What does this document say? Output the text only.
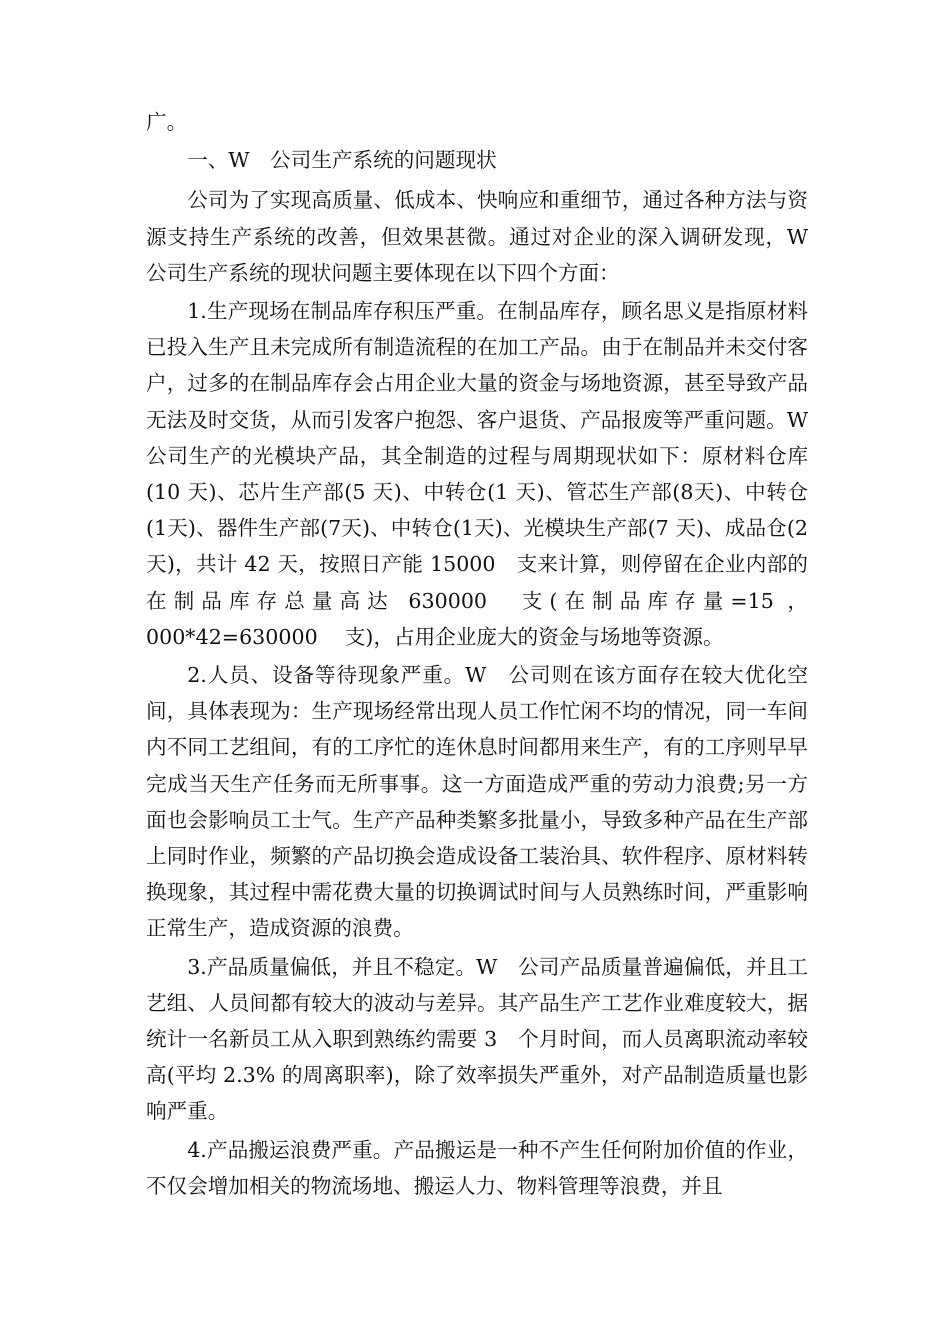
广。

一、W　公司生产系统的问题现状

公司为了实现高质量、低成本、快响应和重细节，通过各种方法与资源支持生产系统的改善，但效果甚微。通过对企业的深入调研发现，W　公司生产系统的现状问题主要体现在以下四个方面：

1.生产现场在制品库存积压严重。在制品库存，顾名思义是指原材料已投入生产且未完成所有制造流程的在加工产品。由于在制品并未交付客户，过多的在制品库存会占用企业大量的资金与场地资源，甚至导致产品无法及时交货，从而引发客户抱怨、客户退货、产品报废等严重问题。W　公司生产的光模块产品，其全制造的过程与周期现状如下：原材料仓库(10 天)、芯片生产部(5 天)、中转仓(1 天)、管芯生产部(8天)、中转仓(1天)、器件生产部(7天)、中转仓(1天)、光模块生产部(7 天)、成品仓(2 天)，共计 42 天，按照日产能 15000　支来计算，则停留在企业内部的在制品库存总量高达 630000　支(在制品库存量=15 ，000*42=630000　 支)，占用企业庞大的资金与场地等资源。

2.人员、设备等待现象严重。W　公司则在该方面存在较大优化空间，具体表现为：生产现场经常出现人员工作忙闲不均的情况，同一车间内不同工艺组间，有的工序忙的连休息时间都用来生产，有的工序则早早完成当天生产任务而无所事事。这一方面造成严重的劳动力浪费;另一方面也会影响员工士气。生产产品种类繁多批量小，导致多种产品在生产部上同时作业，频繁的产品切换会造成设备工装治具、软件程序、原材料转换现象，其过程中需花费大量的切换调试时间与人员熟练时间，严重影响正常生产，造成资源的浪费。

3.产品质量偏低，并且不稳定。W　公司产品质量普遍偏低，并且工艺组、人员间都有较大的波动与差异。其产品生产工艺作业难度较大，据统计一名新员工从入职到熟练约需要 3　个月时间，而人员离职流动率较高(平均 2.3% 的周离职率)，除了效率损失严重外，对产品制造质量也影响严重。

4.产品搬运浪费严重。产品搬运是一种不产生任何附加价值的作业，不仅会增加相关的物流场地、搬运人力、物料管理等浪费，并且
